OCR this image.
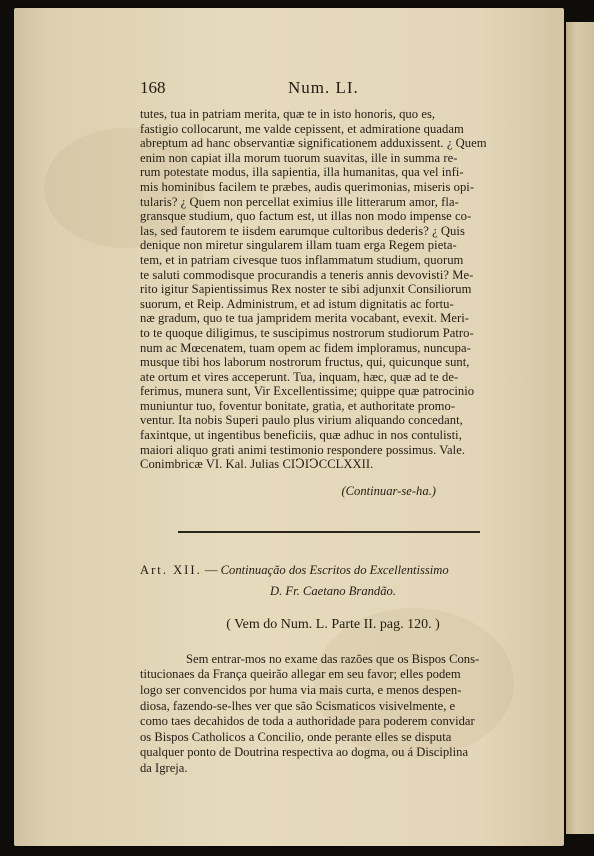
168	Num. LI.
tutes, tua in patriam merita, quæ te in isto honoris, quo es,
fastigio collocarunt, me valde cepissent, et admiratione quadam
abreptum ad hanc observantiæ significationem adduxissent. ¿ Quem
enim non capiat illa morum tuorum suavitas, ille in summa re-
rum potestate modus, illa sapientia, illa humanitas, qua vel infi-
mis hominibus facilem te præbes, audis querimonias, miseris opi-
tularis? ¿ Quem non percellat eximius ille litterarum amor, fla-
gransque studium, quo factum est, ut illas non modo impense co-
las, sed fautorem te iisdem earumque cultoribus dederis? ¿ Quis
denique non miretur singularem illam tuam erga Regem pieta-
tem, et in patriam civesque tuos inflammatum studium, quorum
te saluti commodisque procurandis a teneris annis devovisti? Me-
rito igitur Sapientissimus Rex noster te sibi adjunxit Consiliorum
suorum, et Reip. Administrum, et ad istum dignitatis ac fortu-
næ gradum, quo te tua jampridem merita vocabant, evexit. Meri-
to te quoque diligimus, te suscipimus nostrorum studiorum Patro-
num ac Mœcenatem, tuam opem ac fidem imploramus, nuncupa-
musque tibi hos laborum nostrorum fructus, qui, quicunque sunt,
ate ortum et vires acceperunt. Tua, inquam, hæc, quæ ad te de-
ferimus, munera sunt, Vir Excellentissime; quippe quæ patrocinio
muniuntur tuo, foventur bonitate, gratia, et authoritate promo-
ventur. Ita nobis Superi paulo plus virium aliquando concedant,
faxintque, ut ingentibus beneficiis, quæ adhuc in nos contulisti,
maiori aliquo grati animi testimonio respondere possimus. Vale.
Conimbricæ VI. Kal. Julias CIↃIↃCCLXXII.
(Continuar-se-ha.)
Art. XII. — Continuação dos Escritos do Excellentissimo
D. Fr. Caetano Brandão.
( Vem do Num. L. Parte II. pag. 120. )
Sem entrar-mos no exame das razões que os Bispos Cons-
titucionaes da França queirão allegar em seu favor; elles podem
logo ser convencidos por huma via mais curta, e menos despen-
diosa, fazendo-se-lhes ver que são Scismaticos visivelmente, e
como taes decahidos de toda a authoridade para poderem convidar
os Bispos Catholicos a Concilio, onde perante elles se disputa
qualquer ponto de Doutrina respectiva ao dogma, ou á Disciplina
da Igreja.
